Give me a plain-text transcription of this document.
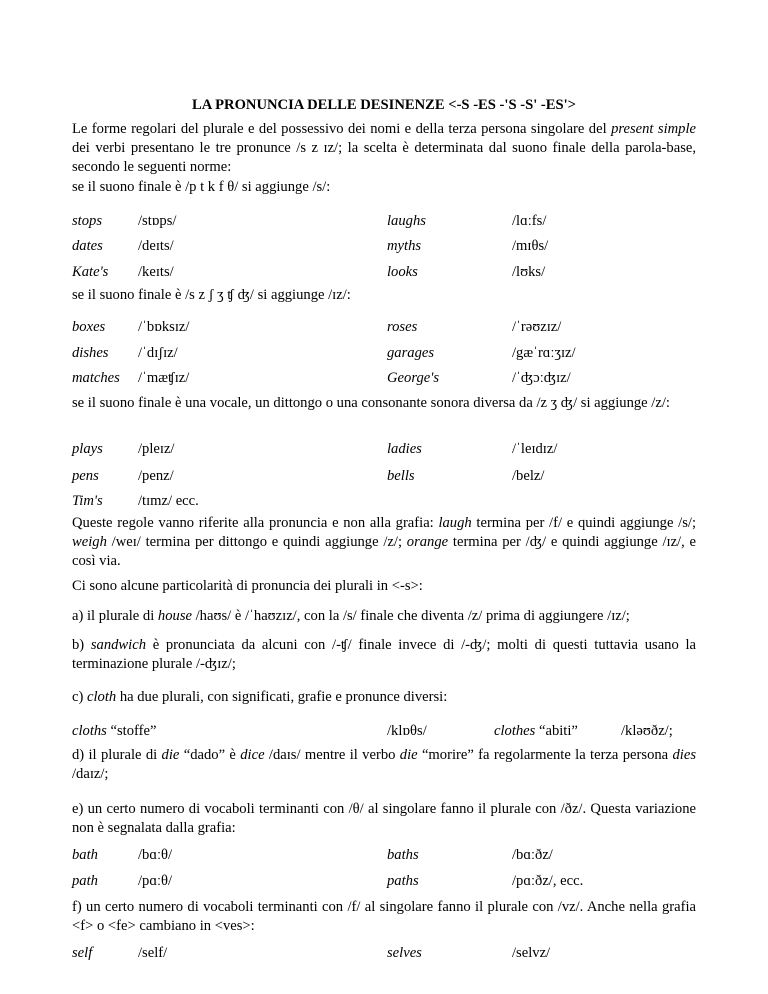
LA PRONUNCIA DELLE DESINENZE <-S -ES -'S -S' -ES'>
Le forme regolari del plurale e del possessivo dei nomi e della terza persona singolare del present simple dei verbi presentano le tre pronunce /s z ɪz/; la scelta è determinata dal suono finale della parola-base, secondo le seguenti norme:
se il suono finale è /p t k f θ/ si aggiunge /s/:
stops /stɒps/	laughs	/lɑːfs/
dates /deɪts/	myths	/mɪθs/
Kate's /keɪts/	looks	/lʊks/
se il suono finale è /s z ʃ ʒ ʧ ʤ/ si aggiunge /ɪz/:
boxes /ˈbɒksɪz/	roses	/ˈrəʊzɪz/
dishes /ˈdɪʃɪz/	garages	/gæˈrɑːʒɪz/
matches /ˈmæʧɪz/	George's	/ˈʤɔːʤɪz/
se il suono finale è una vocale, un dittongo o una consonante sonora diversa da /z ʒ ʤ/ si aggiunge /z/:
plays /pleɪz/	ladies	/ˈleɪdɪz/
pens	/penz/	bells	/belz/
Tim's /tɪmz/ ecc.
Queste regole vanno riferite alla pronuncia e non alla grafia: laugh termina per /f/ e quindi aggiunge /s/; weigh /weɪ/ termina per dittongo e quindi aggiunge /z/; orange termina per /ʤ/ e quindi aggiunge /ɪz/, e così via.
Ci sono alcune particolarità di pronuncia dei plurali in <-s>:
a) il plurale di house /haʊs/ è /ˈhaʊzɪz/, con la /s/ finale che diventa /z/ prima di aggiungere /ɪz/;
b) sandwich è pronunciata da alcuni con /-ʧ/ finale invece di /-ʤ/; molti di questi tuttavia usano la terminazione plurale /-ʤɪz/;
c) cloth ha due plurali, con significati, grafie e pronunce diversi:
cloths “stoffe”	/klɒθs/	clothes “abiti”	/kləʊðz/;
d) il plurale di die “dado” è dice /daɪs/ mentre il verbo die “morire” fa regolarmente la terza persona dies /daɪz/;
e) un certo numero di vocaboli terminanti con /θ/ al singolare fanno il plurale con /ðz/. Questa variazione non è segnalata dalla grafia:
bath	/bɑːθ/	baths	/bɑːðz/
path	/pɑːθ/	paths	/pɑːðz/, ecc.
f) un certo numero di vocaboli terminanti con /f/ al singolare fanno il plurale con /vz/. Anche nella grafia <f> o <fe> cambiano in <ves>:
self	/self/	selves	/selvz/
